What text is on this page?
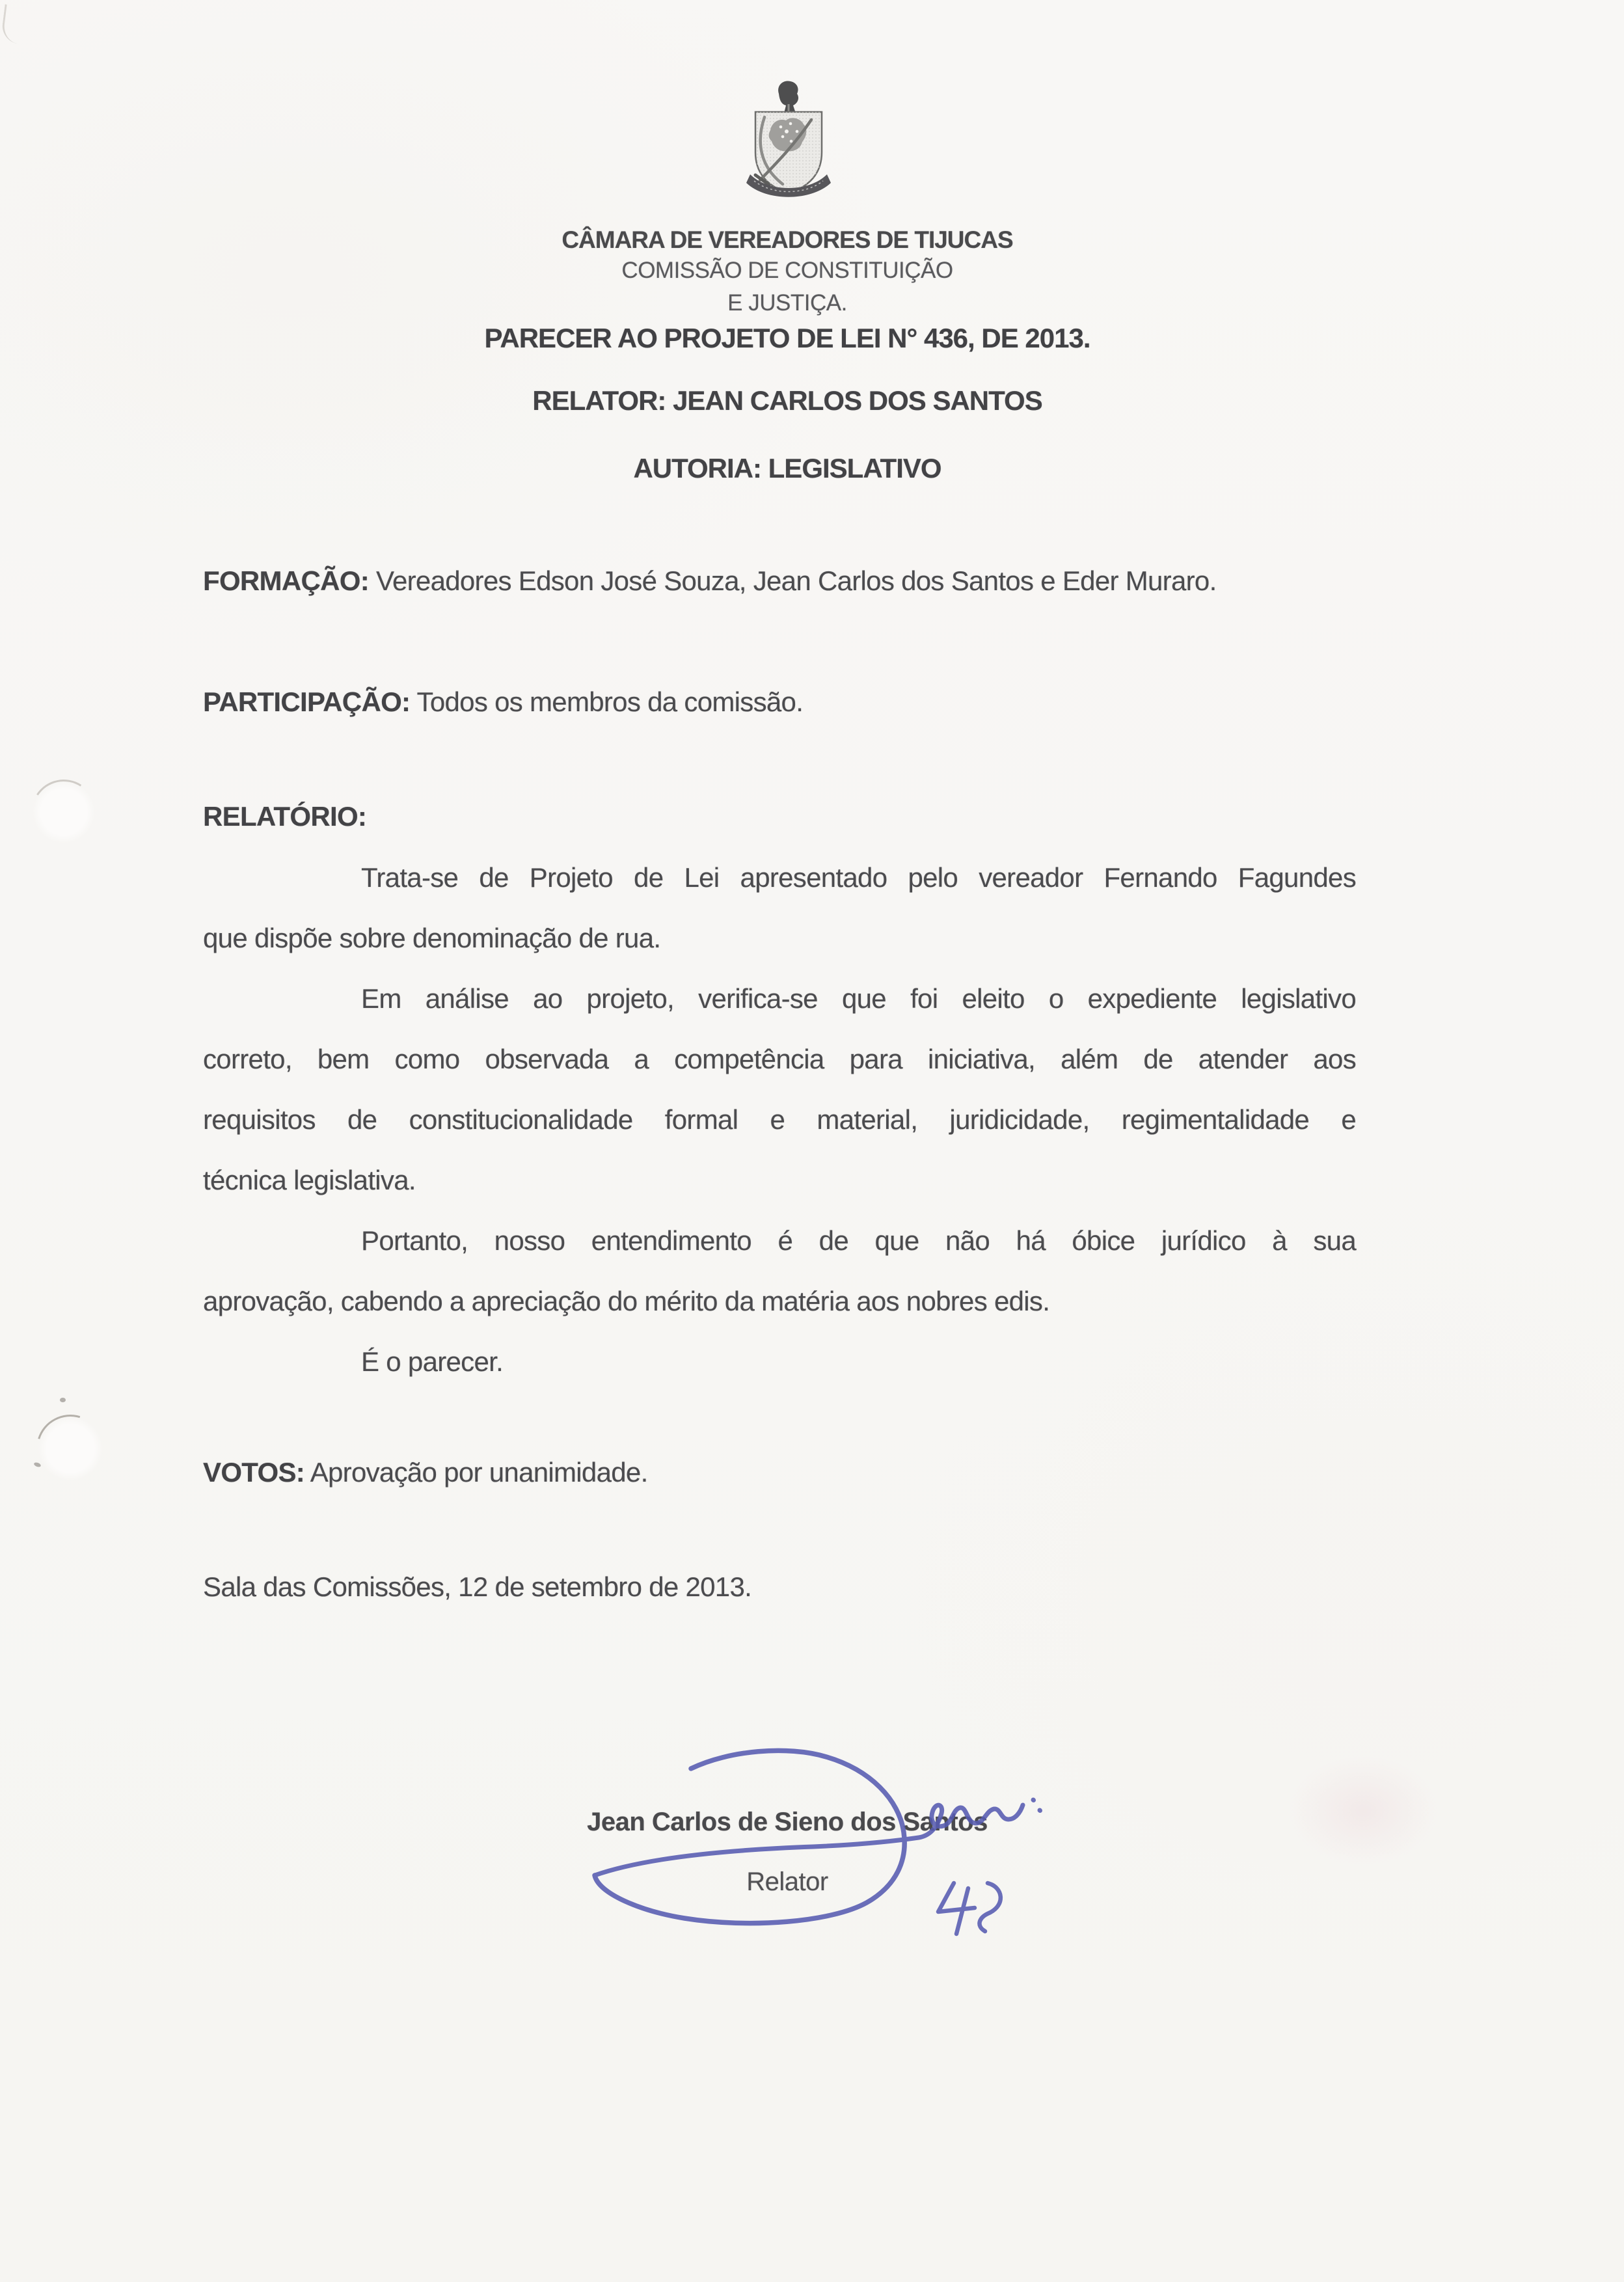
CÂMARA DE VEREADORES DE TIJUCAS
COMISSÃO DE CONSTITUIÇÃO
E JUSTIÇA.
PARECER AO PROJETO DE LEI N° 436, DE 2013.
RELATOR: JEAN CARLOS DOS SANTOS
AUTORIA: LEGISLATIVO
FORMAÇÃO: Vereadores Edson José Souza, Jean Carlos dos Santos e Eder Muraro.
PARTICIPAÇÃO: Todos os membros da comissão.
RELATÓRIO:
Trata-se de Projeto de Lei apresentado pelo vereador Fernando Fagundes
que dispõe sobre denominação de rua.
Em análise ao projeto, verifica-se que foi eleito o expediente legislativo
correto, bem como observada a competência para iniciativa, além de atender aos
requisitos de constitucionalidade formal e material, juridicidade, regimentalidade e
técnica legislativa.
Portanto, nosso entendimento é de que não há óbice jurídico à sua
aprovação, cabendo a apreciação do mérito da matéria aos nobres edis.
É o parecer.
VOTOS: Aprovação por unanimidade.
Sala das Comissões, 12 de setembro de 2013.
Jean Carlos de Sieno dos Santos
Relator
